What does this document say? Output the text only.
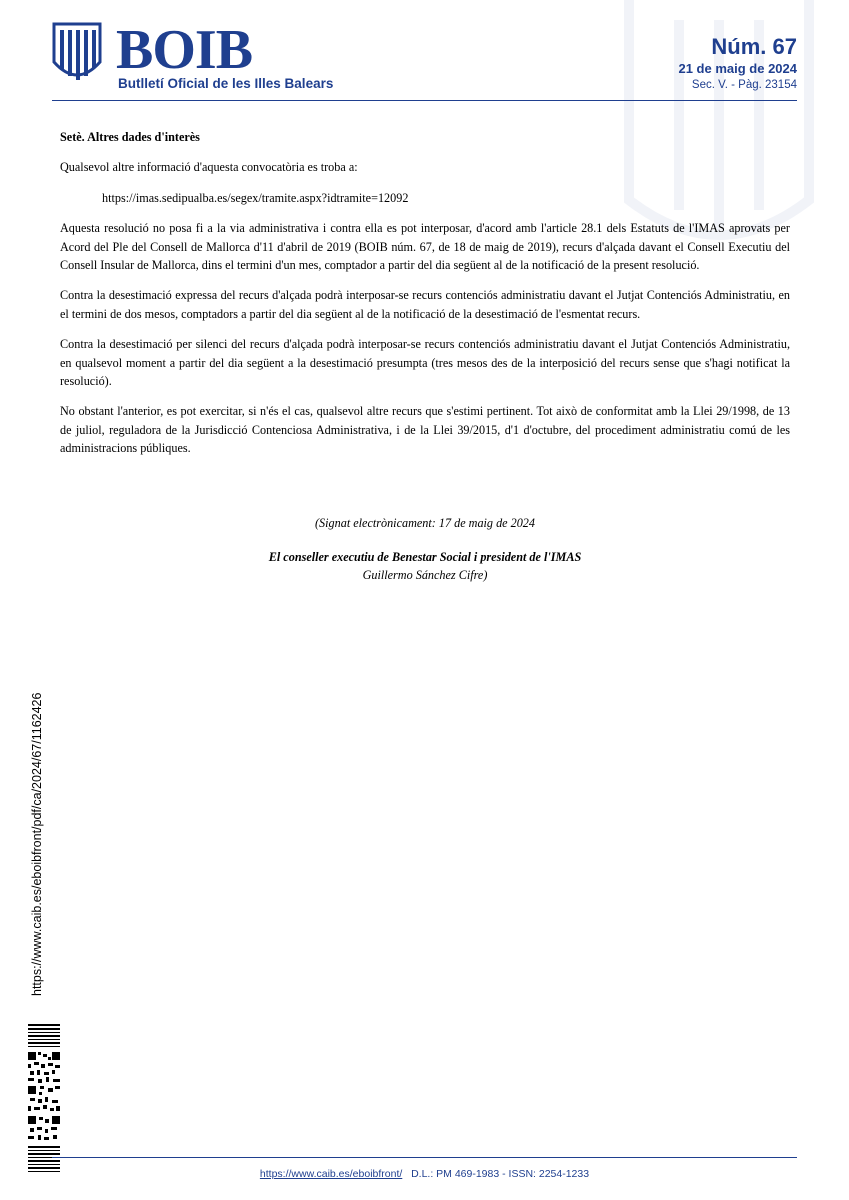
BOIB
Butlletí Oficial de les Illes Balears
Núm. 67
21 de maig de 2024
Sec. V. - Pàg. 23154

Setè. Altres dades d'interès

Qualsevol altre informació d'aquesta convocatòria es troba a:

https://imas.sedipualba.es/segex/tramite.aspx?idtramite=12092

Aquesta resolució no posa fi a la via administrativa i contra ella es pot interposar, d'acord amb l'article 28.1 dels Estatuts de l'IMAS aprovats per Acord del Ple del Consell de Mallorca d'11 d'abril de 2019 (BOIB núm. 67, de 18 de maig de 2019), recurs d'alçada davant el Consell Executiu del Consell Insular de Mallorca, dins el termini d'un mes, comptador a partir del dia següent al de la notificació de la present resolució.

Contra la desestimació expressa del recurs d'alçada podrà interposar-se recurs contenciós administratiu davant el Jutjat Contenciós Administratiu, en el termini de dos mesos, comptadors a partir del dia següent al de la notificació de la desestimació de l'esmentat recurs.

Contra la desestimació per silenci del recurs d'alçada podrà interposar-se recurs contenciós administratiu davant el Jutjat Contenciós Administratiu, en qualsevol moment a partir del dia següent a la desestimació presumpta (tres mesos des de la interposició del recurs sense que s'hagi notificat la resolució).

No obstant l'anterior, es pot exercitar, si n'és el cas, qualsevol altre recurs que s'estimi pertinent. Tot això de conformitat amb la Llei 29/1998, de 13 de juliol, reguladora de la Jurisdicció Contenciosa Administrativa, i de la Llei 39/2015, d'1 d'octubre, del procediment administratiu comú de les administracions públiques.

(Signat electrònicament: 17 de maig de 2024
El conseller executiu de Benestar Social i president de l'IMAS
Guillermo Sánchez Cifre)
https://www.caib.es/eboibfront/pdf/ca/2024/67/1162426
https://www.caib.es/eboibfront/ D.L.: PM 469-1983 - ISSN: 2254-1233
